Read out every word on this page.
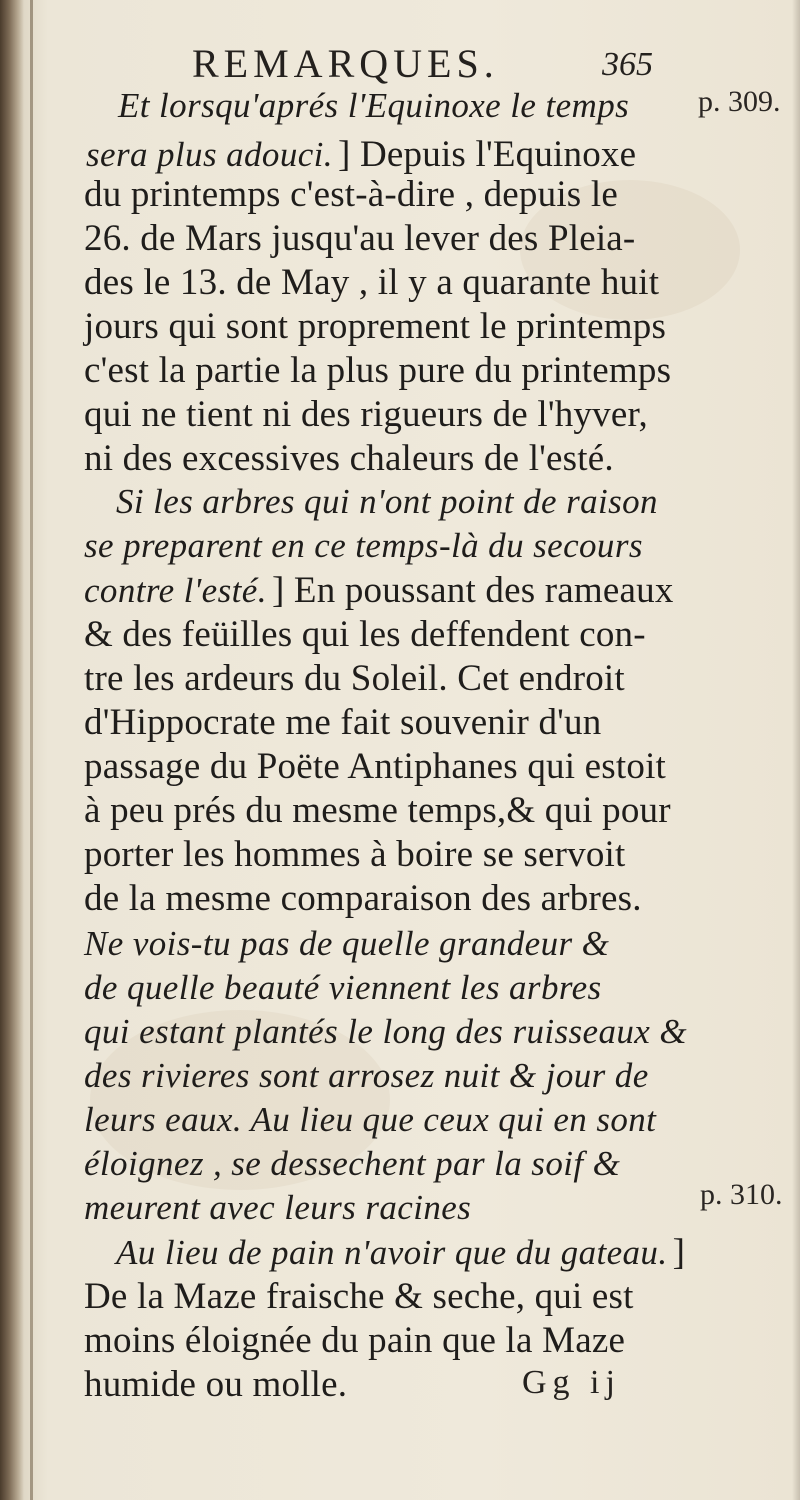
REMARQUES.	365
p. 309.
p. 310.
Et lorsqu'aprés l'Equinoxe le temps
sera plus adouci. ] Depuis l'Equinoxe
du printemps c'est-à-dire , depuis le
26. de Mars jusqu'au lever des Pleia-
des le 13. de May , il y a quarante huit
jours qui sont proprement le printemps
c'est la partie la plus pure du printemps
qui ne tient ni des rigueurs de l'hyver,
ni des excessives chaleurs de l'esté.
Si les arbres qui n'ont point de raison
se preparent en ce temps-là du secours
contre l'esté. ] En poussant des rameaux
& des feüilles qui les deffendent con-
tre les ardeurs du Soleil. Cet endroit
d'Hippocrate me fait souvenir d'un
passage du Poëte Antiphanes qui estoit
à peu prés du mesme temps,& qui pour
porter les hommes à boire se servoit
de la mesme comparaison des arbres.
Ne vois-tu pas de quelle grandeur &
de quelle beauté viennent les arbres
qui estant plantés le long des ruisseaux &
des rivieres sont arrosez nuit & jour de
leurs eaux. Au lieu que ceux qui en sont
éloignez , se dessechent par la soif &
meurent avec leurs racines
Au lieu de pain n'avoir que du gateau. ]
De la Maze fraische & seche, qui est
moins éloignée du pain que la Maze
humide ou molle.	Gg ij
